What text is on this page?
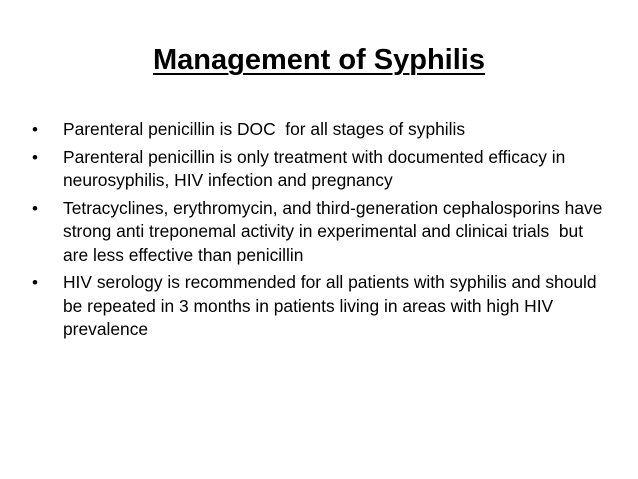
Management of Syphilis
•	Parenteral penicillin is DOC  for all stages of syphilis
•	Parenteral penicillin is only treatment with documented efficacy in neurosyphilis, HIV infection and pregnancy
•	Tetracyclines, erythromycin, and third-generation cephalosporins have strong anti treponemal activity in experimental and clinicai trials  but are less effective than penicillin
•	HIV serology is recommended for all patients with syphilis and should be repeated in 3 months in patients living in areas with high HIV prevalence
